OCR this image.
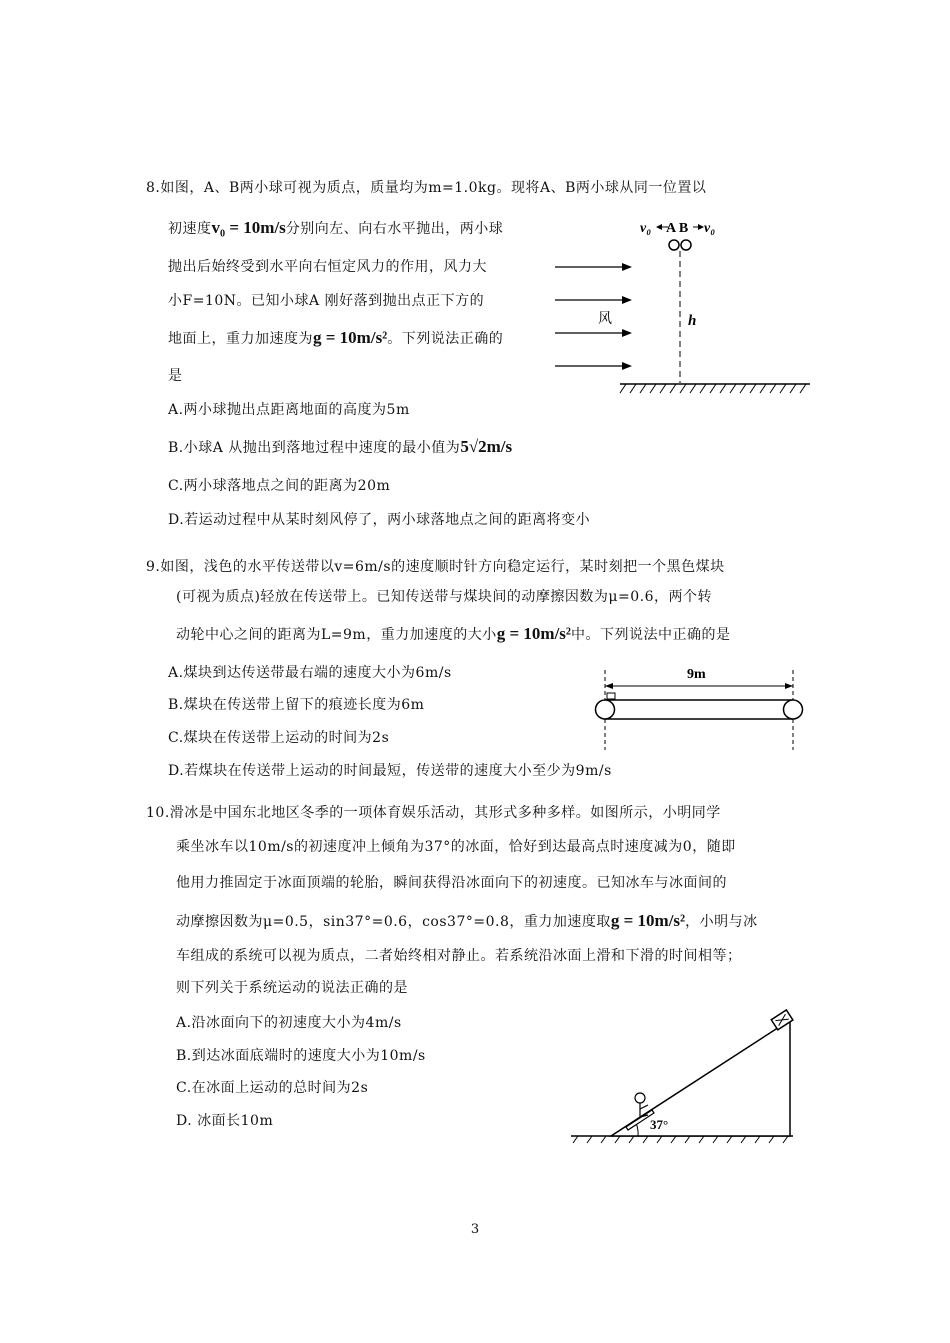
8.如图，A、B两小球可视为质点，质量均为m=1.0kg。现将A、B两小球从同一位置以
初速度v₀ = 10m/s分别向左、向右水平抛出，两小球
抛出后始终受到水平向右恒定风力的作用，风力大
小F=10N。已知小球A 刚好落到抛出点正下方的
地面上，重力加速度为g = 10m/s²。下列说法正确的
是
A.两小球抛出点距离地面的高度为5m
B.小球A 从抛出到落地过程中速度的最小值为5√2m/s
C.两小球落地点之间的距离为20m
D.若运动过程中从某时刻风停了，两小球落地点之间的距离将变小
v₀ A B v₀
h
风
9.如图，浅色的水平传送带以v=6m/s的速度顺时针方向稳定运行，某时刻把一个黑色煤块
(可视为质点)轻放在传送带上。已知传送带与煤块间的动摩擦因数为μ=0.6，两个转
动轮中心之间的距离为L=9m，重力加速度的大小g = 10m/s²中。下列说法中正确的是
A.煤块到达传送带最右端的速度大小为6m/s
B.煤块在传送带上留下的痕迹长度为6m
C.煤块在传送带上运动的时间为2s
D.若煤块在传送带上运动的时间最短，传送带的速度大小至少为9m/s
9m
10.滑冰是中国东北地区冬季的一项体育娱乐活动，其形式多种多样。如图所示，小明同学
乘坐冰车以10m/s的初速度冲上倾角为37°的冰面，恰好到达最高点时速度减为0，随即
他用力推固定于冰面顶端的轮胎，瞬间获得沿冰面向下的初速度。已知冰车与冰面间的
动摩擦因数为μ=0.5，sin37°=0.6，cos37°=0.8，重力加速度取g = 10m/s²，小明与冰
车组成的系统可以视为质点，二者始终相对静止。若系统沿冰面上滑和下滑的时间相等；
则下列关于系统运动的说法正确的是
A.沿冰面向下的初速度大小为4m/s
B.到达冰面底端时的速度大小为10m/s
C.在冰面上运动的总时间为2s
D. 冰面长10m	37°
3
